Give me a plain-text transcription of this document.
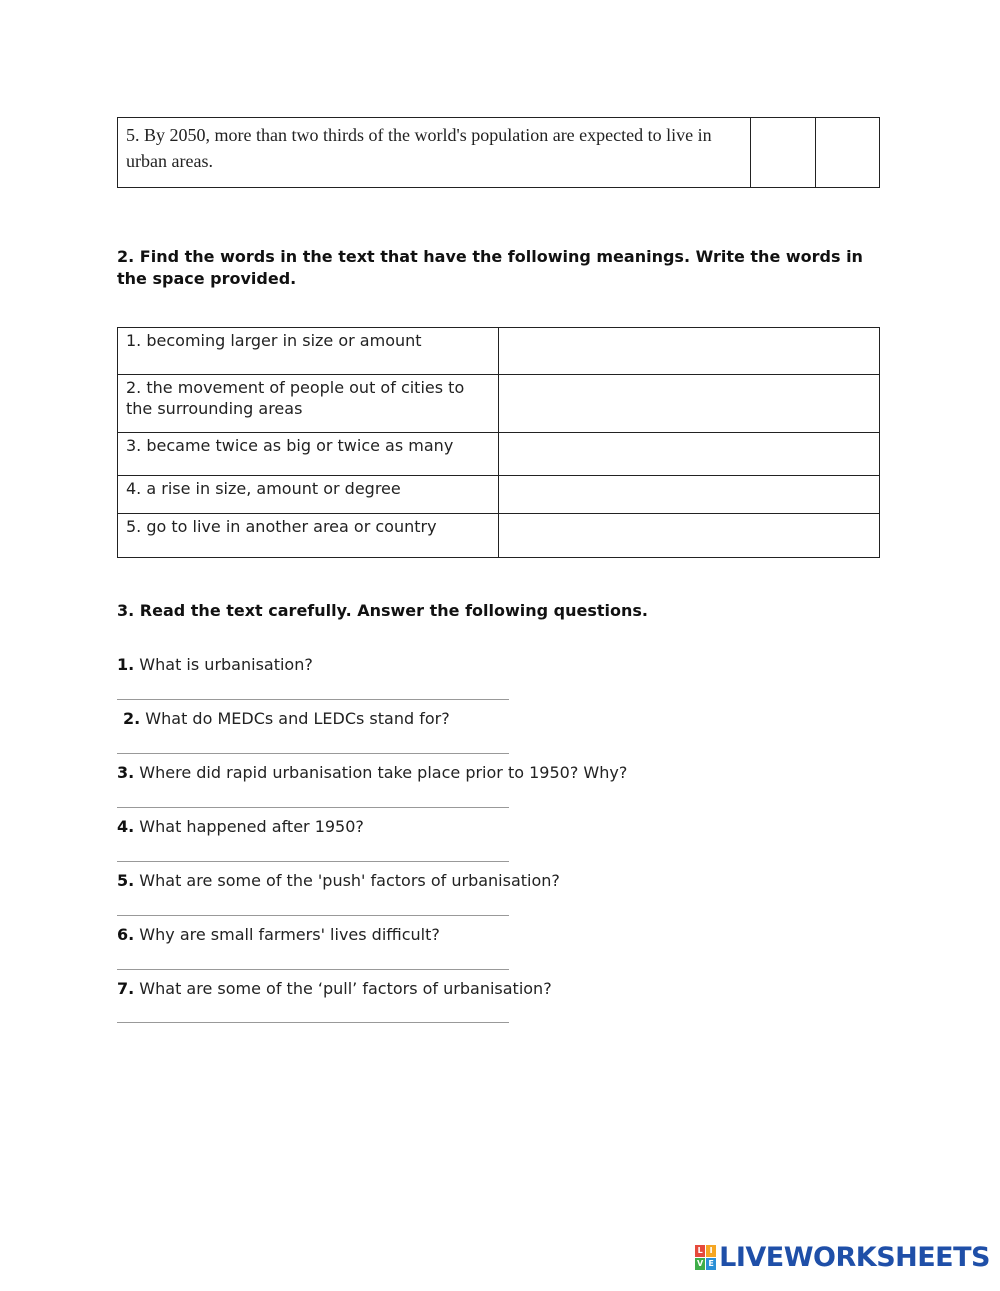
5. By 2050, more than two thirds of the world's population are expected to live in urban areas.		
2. Find the words in the text that have the following meanings. Write the words in the space provided.
1. becoming larger in size or amount	
2. the movement of people out of cities to the surrounding areas	
3. became twice as big or twice as many	
4. a rise in size, amount or degree	
5. go to live in another area or country	
3. Read the text carefully. Answer the following questions.
1. What is urbanisation?
2. What do MEDCs and LEDCs stand for?
3. Where did rapid urbanisation take place prior to 1950? Why?
4. What happened after 1950?
5. What are some of the 'push' factors of urbanisation?
6. Why are small farmers' lives difficult?
7. What are some of the ‘pull’ factors of urbanisation?
L I
V E LIVEWORKSHEETS
